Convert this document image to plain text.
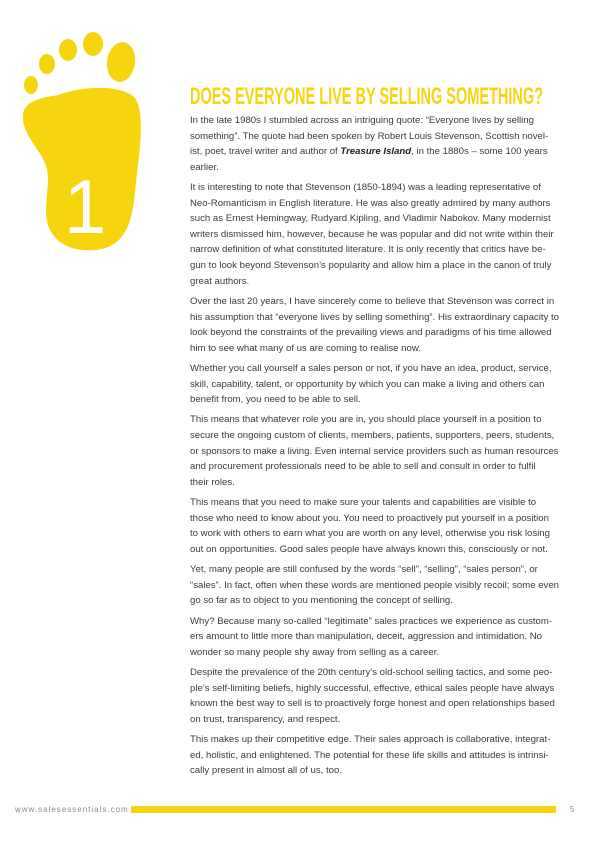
1
DOES EVERYONE LIVE BY SELLING SOMETHING?

In the late 1980s I stumbled across an intriguing quote: “Everyone lives by selling
something”. The quote had been spoken by Robert Louis Stevenson, Scottish novel-
ist, poet, travel writer and author of Treasure Island, in the 1880s – some 100 years
earlier.

It is interesting to note that Stevenson (1850-1894) was a leading representative of
Neo-Romanticism in English literature. He was also greatly admired by many authors
such as Ernest Hemingway, Rudyard Kipling, and Vladimir Nabokov. Many modernist
writers dismissed him, however, because he was popular and did not write within their
narrow definition of what constituted literature. It is only recently that critics have be-
gun to look beyond Stevenson’s popularity and allow him a place in the canon of truly
great authors.

Over the last 20 years, I have sincerely come to believe that Stevenson was correct in
his assumption that “everyone lives by selling something”. His extraordinary capacity to
look beyond the constraints of the prevailing views and paradigms of his time allowed
him to see what many of us are coming to realise now.

Whether you call yourself a sales person or not, if you have an idea, product, service,
skill, capability, talent, or opportunity by which you can make a living and others can
benefit from, you need to be able to sell.

This means that whatever role you are in, you should place yourself in a position to
secure the ongoing custom of clients, members, patients, supporters, peers, students,
or sponsors to make a living. Even internal service providers such as human resources
and procurement professionals need to be able to sell and consult in order to fulfil
their roles.

This means that you need to make sure your talents and capabilities are visible to
those who need to know about you. You need to proactively put yourself in a position
to work with others to earn what you are worth on any level, otherwise you risk losing
out on opportunities. Good sales people have always known this, consciously or not.

Yet, many people are still confused by the words “sell”, “selling”, “sales person”, or
“sales”. In fact, often when these words are mentioned people visibly recoil; some even
go so far as to object to you mentioning the concept of selling.

Why? Because many so-called “legitimate” sales practices we experience as custom-
ers amount to little more than manipulation, deceit, aggression and intimidation. No
wonder so many people shy away from selling as a career.

Despite the prevalence of the 20th century’s old-school selling tactics, and some peo-
ple’s self-limiting beliefs, highly successful, effective, ethical sales people have always
known the best way to sell is to proactively forge honest and open relationships based
on trust, transparency, and respect.

This makes up their competitive edge. Their sales approach is collaborative, integrat-
ed, holistic, and enlightened. The potential for these life skills and attitudes is intrinsi-
cally present in almost all of us, too.

www.salesessentials.com	5
